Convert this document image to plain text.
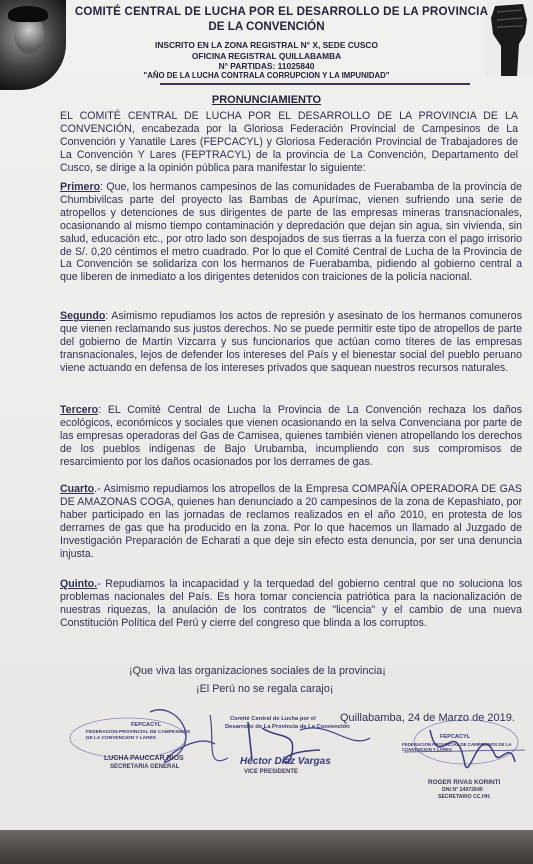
COMITÉ CENTRAL DE LUCHA POR EL DESARROLLO DE LA PROVINCIA
DE LA CONVENCIÓN
INSCRITO EN LA ZONA REGISTRAL N° X, SEDE CUSCO
OFICINA REGISTRAL QUILLABAMBA
N° PARTIDAS: 11025840
"AÑO DE LA LUCHA CONTRALA CORRUPCION Y LA IMPUNIDAD"
PRONUNCIAMIENTO
EL COMITÉ CENTRAL DE LUCHA POR EL DESARROLLO DE LA PROVINCIA DE LA CONVENCIÓN, encabezada por la Gloriosa Federación Provincial de Campesinos de La Convención y Yanatile Lares (FEPCACYL) y Gloriosa Federación Provincial de Trabajadores de La Convención Y Lares (FEPTRACYL) de la provincia de La Convención, Departamento del Cusco, se dirige a la opinión pública para manifestar lo siguiente:
Primero: Que, los hermanos campesinos de las comunidades de Fuerabamba de la provincia de Chumbivilcas parte del proyecto las Bambas de Apurímac, vienen sufriendo una serie de atropellos y detenciones de sus dirigentes de parte de las empresas mineras transnacionales, ocasionando al mismo tiempo contaminación y depredación que dejan sin agua, sin vivienda, sin salud, educación etc., por otro lado son despojados de sus tierras a la fuerza con el pago irrisorio de S/. 0,20 céntimos el metro cuadrado. Por lo que el Comité Central de Lucha de la Provincia de La Convención se solidariza con los hermanos de Fuerabamba, pidiendo al gobierno central a que liberen de inmediato a los dirigentes detenidos con traiciones de la policía nacional.
Segundo: Asimismo repudiamos los actos de represión y asesinato de los hermanos comuneros que vienen reclamando sus justos derechos. No se puede permitir este tipo de atropellos de parte del gobierno de Martín Vizcarra y sus funcionarios que actúan como títeres de las empresas transnacionales, lejos de defender los intereses del País y el bienestar social del pueblo peruano viene actuando en defensa de los intereses privados que saquean nuestros recursos naturales.
Tercero: EL Comité Central de Lucha la Provincia de La Convención rechaza los daños ecológicos, económicos y sociales que vienen ocasionando en la selva Convenciana por parte de las empresas operadoras del Gas de Camisea, quienes también vienen atropellando los derechos de los pueblos indígenas de Bajo Urubamba, incumpliendo con sus compromisos de resarcimiento por los daños ocasionados por los derrames de gas.
Cuarto.- Asimismo repudiamos los atropellos de la Empresa COMPAÑÍA OPERADORA DE GAS DE AMAZONAS COGA, quienes han denunciado a 20 campesinos de la zona de Kepashiato, por haber participado en las jornadas de reclamos realizados en el año 2010, en protesta de los derrames de gas que ha producido en la zona. Por lo que hacemos un llamado al Juzgado de Investigación Preparación de Echarati a que deje sin efecto esta denuncia, por ser una denuncia injusta.
Quinto.- Repudiamos la incapacidad y la terquedad del gobierno central que no soluciona los problemas nacionales del País. Es hora tomar conciencia patriótica para la nacionalización de nuestras riquezas, la anulación de los contratos de "licencia" y el cambio de una nueva Constitución Política del Perú y cierre del congreso que blinda a los corruptos.
¡Que viva las organizaciones sociales de la provincia¡
¡El Perú no se regala carajo¡
Quillabamba, 24 de Marzo de 2019.
FEPCACYL
FEDERACION PROVINCIAL DE CAMPESINOS DE LA CONVENCION Y LARES
LUCHA PAUCCAR RIOS
SECRETARIA GENERAL
Comité Central de Lucha por el
Desarrollo de La Provincia de La Convención
Héctor Díaz Vargas
VICE PRESIDENTE
FEPCACYL
FEDERACION PROVINCIAL DE CAMPESINOS DE LA CONVENCION Y LARES
ROGER RIVAS KORINTI
DNI N° 24972640
SECRETARIO CC.HH.
